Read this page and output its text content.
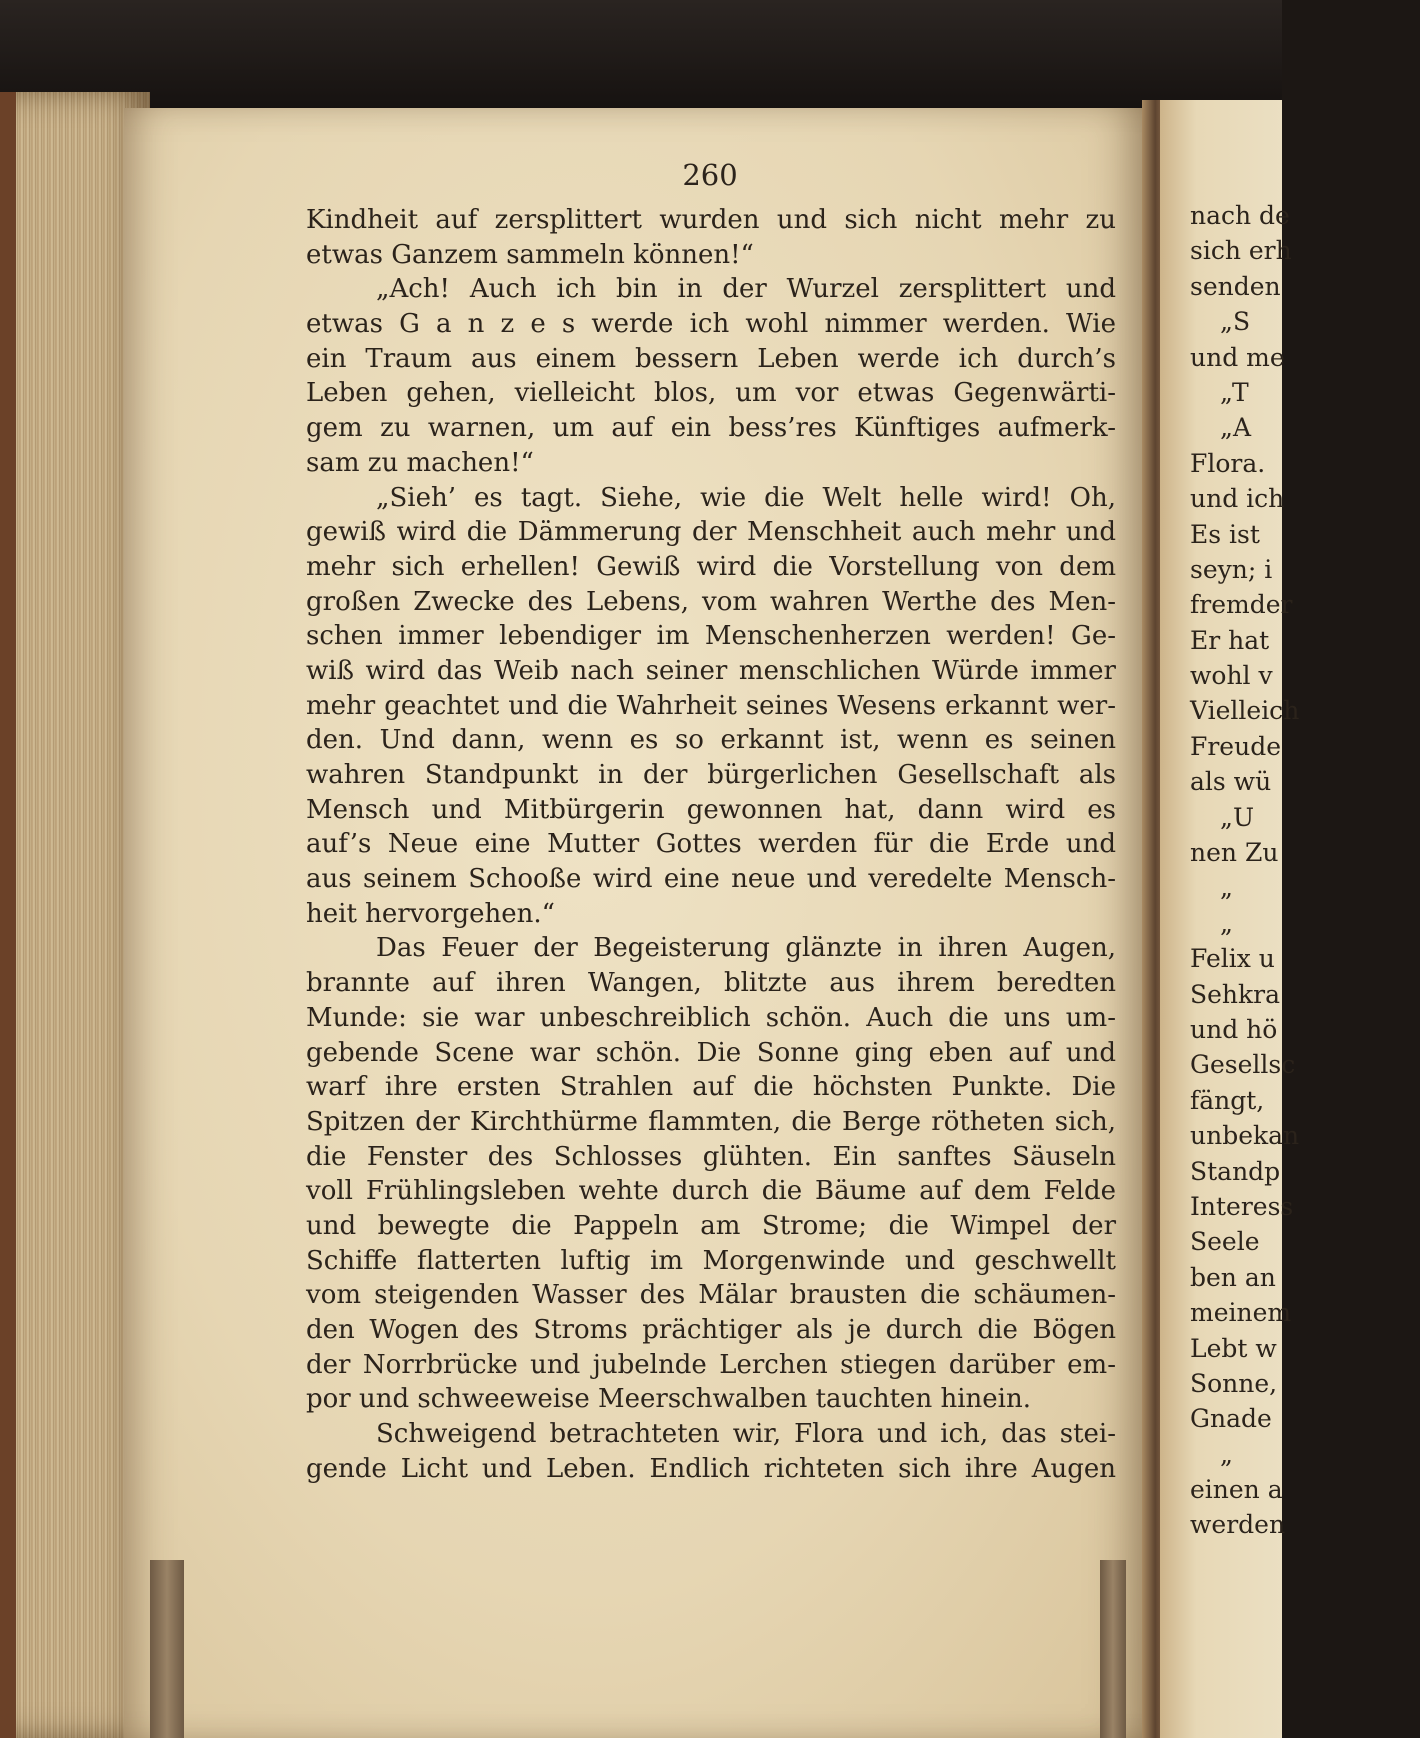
nach de
sich erh
senden
„S
und me
„T
„A
Flora.
und ich
Es ist
seyn; i
fremder
Er hat
wohl v
Vielleich
Freude
als wü
„U
nen Zu
„
„
Felix u
Sehkra
und hö
Gesellsc
fängt,
unbekan
Standp
Interess
Seele
ben an
meinem
Lebt w
Sonne,
Gnade
„
einen a
werden
260
Kindheit auf zersplittert wurden und sich nicht mehr zu
etwas Ganzem sammeln können!“
„Ach! Auch ich bin in der Wurzel zersplittert und
etwas G a n z e s werde ich wohl nimmer werden. Wie
ein Traum aus einem bessern Leben werde ich durch’s
Leben gehen, vielleicht blos, um vor etwas Gegenwärti-
gem zu warnen, um auf ein bess’res Künftiges aufmerk-
sam zu machen!“
„Sieh’ es tagt. Siehe, wie die Welt helle wird! Oh,
gewiß wird die Dämmerung der Menschheit auch mehr und
mehr sich erhellen! Gewiß wird die Vorstellung von dem
großen Zwecke des Lebens, vom wahren Werthe des Men-
schen immer lebendiger im Menschenherzen werden! Ge-
wiß wird das Weib nach seiner menschlichen Würde immer
mehr geachtet und die Wahrheit seines Wesens erkannt wer-
den. Und dann, wenn es so erkannt ist, wenn es seinen
wahren Standpunkt in der bürgerlichen Gesellschaft als
Mensch und Mitbürgerin gewonnen hat, dann wird es
auf’s Neue eine Mutter Gottes werden für die Erde und
aus seinem Schooße wird eine neue und veredelte Mensch-
heit hervorgehen.“
Das Feuer der Begeisterung glänzte in ihren Augen,
brannte auf ihren Wangen, blitzte aus ihrem beredten
Munde: sie war unbeschreiblich schön. Auch die uns um-
gebende Scene war schön. Die Sonne ging eben auf und
warf ihre ersten Strahlen auf die höchsten Punkte. Die
Spitzen der Kirchthürme flammten, die Berge rötheten sich,
die Fenster des Schlosses glühten. Ein sanftes Säuseln
voll Frühlingsleben wehte durch die Bäume auf dem Felde
und bewegte die Pappeln am Strome; die Wimpel der
Schiffe flatterten luftig im Morgenwinde und geschwellt
vom steigenden Wasser des Mälar brausten die schäumen-
den Wogen des Stroms prächtiger als je durch die Bögen
der Norrbrücke und jubelnde Lerchen stiegen darüber em-
por und schweeweise Meerschwalben tauchten hinein.
Schweigend betrachteten wir, Flora und ich, das stei-
gende Licht und Leben. Endlich richteten sich ihre Augen
